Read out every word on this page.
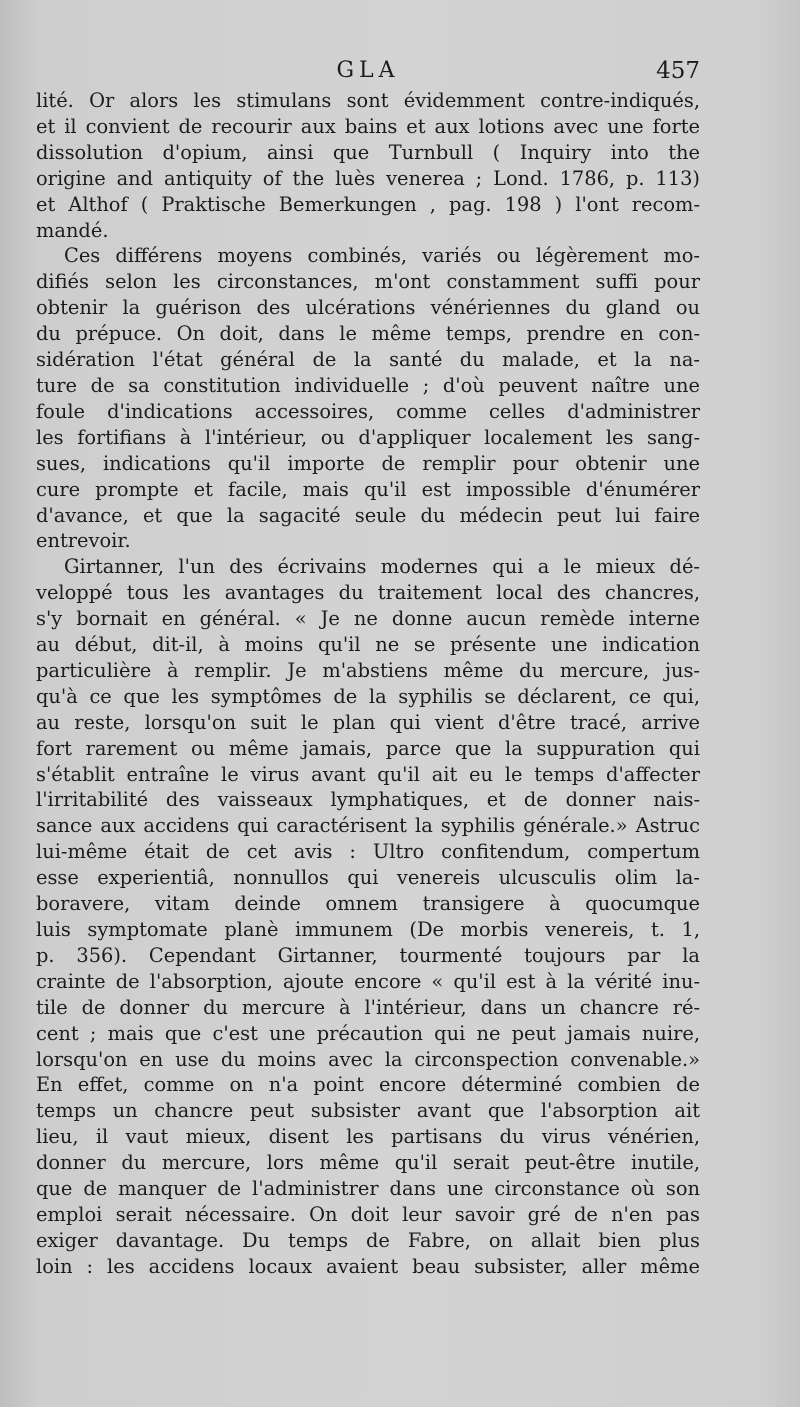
GLA	457
lité. Or alors les stimulans sont évidemment contre-indiqués,
et il convient de recourir aux bains et aux lotions avec une forte
dissolution d'opium, ainsi que Turnbull ( Inquiry into the
origine and antiquity of the luès venerea ; Lond. 1786, p. 113)
et Althof ( Praktische Bemerkungen , pag. 198 ) l'ont recom-
mandé.
Ces différens moyens combinés, variés ou légèrement mo-
difiés selon les circonstances, m'ont constamment suffi pour
obtenir la guérison des ulcérations vénériennes du gland ou
du prépuce. On doit, dans le même temps, prendre en con-
sidération l'état général de la santé du malade, et la na-
ture de sa constitution individuelle ; d'où peuvent naître une
foule d'indications accessoires, comme celles d'administrer
les fortifians à l'intérieur, ou d'appliquer localement les sang-
sues, indications qu'il importe de remplir pour obtenir une
cure prompte et facile, mais qu'il est impossible d'énumérer
d'avance, et que la sagacité seule du médecin peut lui faire
entrevoir.
Girtanner, l'un des écrivains modernes qui a le mieux dé-
veloppé tous les avantages du traitement local des chancres,
s'y bornait en général. « Je ne donne aucun remède interne
au début, dit-il, à moins qu'il ne se présente une indication
particulière à remplir. Je m'abstiens même du mercure, jus-
qu'à ce que les symptômes de la syphilis se déclarent, ce qui,
au reste, lorsqu'on suit le plan qui vient d'être tracé, arrive
fort rarement ou même jamais, parce que la suppuration qui
s'établit entraîne le virus avant qu'il ait eu le temps d'affecter
l'irritabilité des vaisseaux lymphatiques, et de donner nais-
sance aux accidens qui caractérisent la syphilis générale.» Astruc
lui-même était de cet avis : Ultro confitendum, compertum
esse experientiâ, nonnullos qui venereis ulcusculis olim la-
boravere, vitam deinde omnem transigere à quocumque
luis symptomate planè immunem (De morbis venereis, t. 1,
p. 356). Cependant Girtanner, tourmenté toujours par la
crainte de l'absorption, ajoute encore « qu'il est à la vérité inu-
tile de donner du mercure à l'intérieur, dans un chancre ré-
cent ; mais que c'est une précaution qui ne peut jamais nuire,
lorsqu'on en use du moins avec la circonspection convenable.»
En effet, comme on n'a point encore déterminé combien de
temps un chancre peut subsister avant que l'absorption ait
lieu, il vaut mieux, disent les partisans du virus vénérien,
donner du mercure, lors même qu'il serait peut-être inutile,
que de manquer de l'administrer dans une circonstance où son
emploi serait nécessaire. On doit leur savoir gré de n'en pas
exiger davantage. Du temps de Fabre, on allait bien plus
loin : les accidens locaux avaient beau subsister, aller même
